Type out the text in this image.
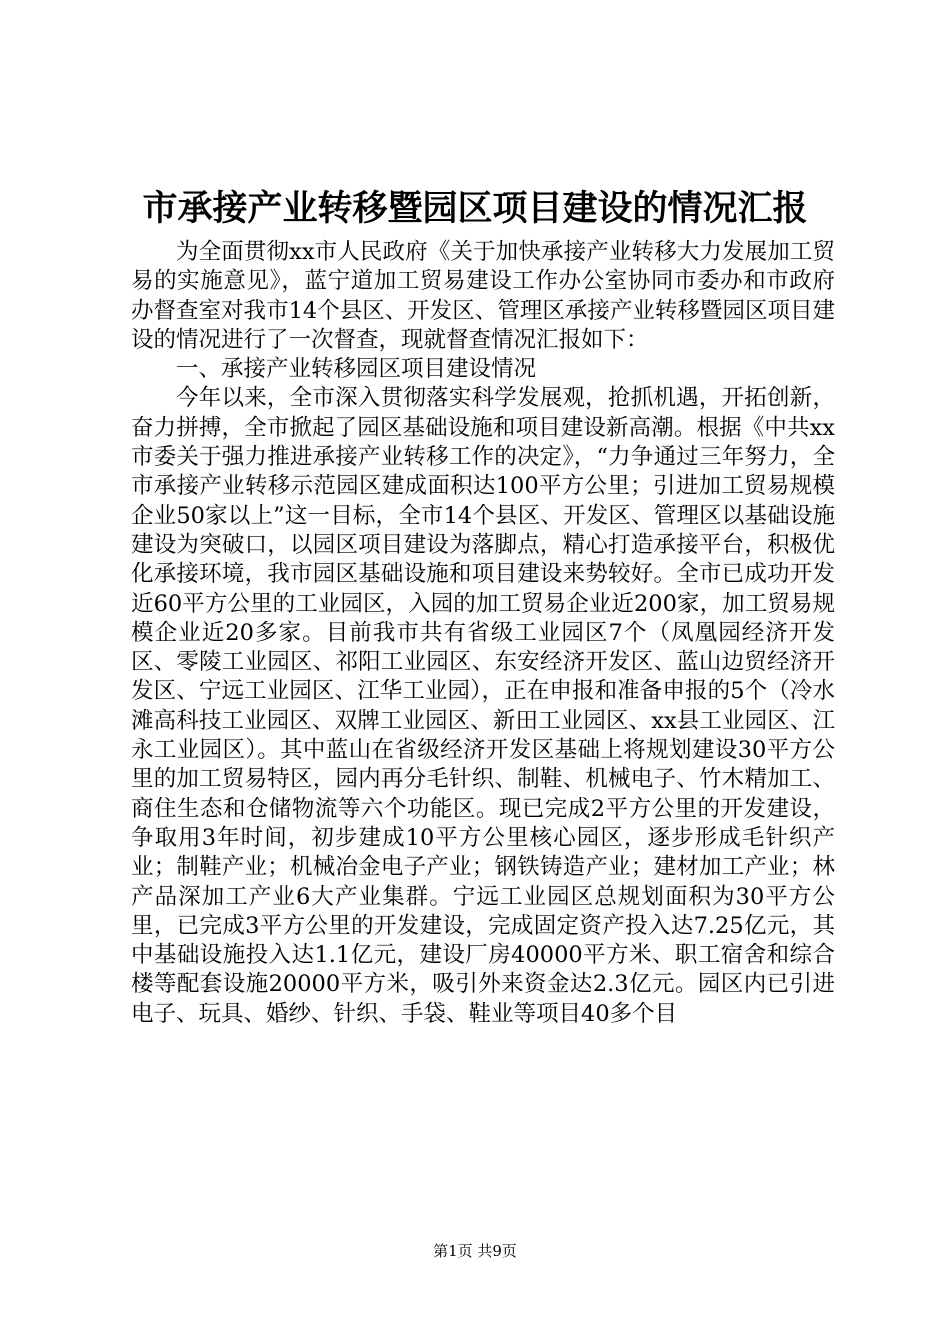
市承接产业转移暨园区项目建设的情况汇报

为全面贯彻xx市人民政府《关于加快承接产业转移大力发展加工贸易的实施意见》，蓝宁道加工贸易建设工作办公室协同市委办和市政府办督查室对我市14个县区、开发区、管理区承接产业转移暨园区项目建设的情况进行了一次督查，现就督查情况汇报如下：

一、承接产业转移园区项目建设情况

今年以来，全市深入贯彻落实科学发展观，抢抓机遇，开拓创新，奋力拼搏，全市掀起了园区基础设施和项目建设新高潮。根据《中共xx市委关于强力推进承接产业转移工作的决定》，“力争通过三年努力，全市承接产业转移示范园区建成面积达100平方公里；引进加工贸易规模企业50家以上”这一目标，全市14个县区、开发区、管理区以基础设施建设为突破口，以园区项目建设为落脚点，精心打造承接平台，积极优化承接环境，我市园区基础设施和项目建设来势较好。全市已成功开发近60平方公里的工业园区，入园的加工贸易企业近200家，加工贸易规模企业近20多家。目前我市共有省级工业园区7个（凤凰园经济开发区、零陵工业园区、祁阳工业园区、东安经济开发区、蓝山边贸经济开发区、宁远工业园区、江华工业园），正在申报和准备申报的5个（冷水滩高科技工业园区、双牌工业园区、新田工业园区、xx县工业园区、江永工业园区）。其中蓝山在省级经济开发区基础上将规划建设30平方公里的加工贸易特区，园内再分毛针织、制鞋、机械电子、竹木精加工、商住生态和仓储物流等六个功能区。现已完成2平方公里的开发建设，争取用3年时间，初步建成10平方公里核心园区，逐步形成毛针织产业；制鞋产业；机械冶金电子产业；钢铁铸造产业；建材加工产业；林产品深加工产业6大产业集群。宁远工业园区总规划面积为30平方公里，已完成3平方公里的开发建设，完成固定资产投入达7.25亿元，其中基础设施投入达1.1亿元，建设厂房40000平方米、职工宿舍和综合楼等配套设施20000平方米，吸引外来资金达2.3亿元。园区内已引进电子、玩具、婚纱、针织、手袋、鞋业等项目40多个目

第1页 共9页
